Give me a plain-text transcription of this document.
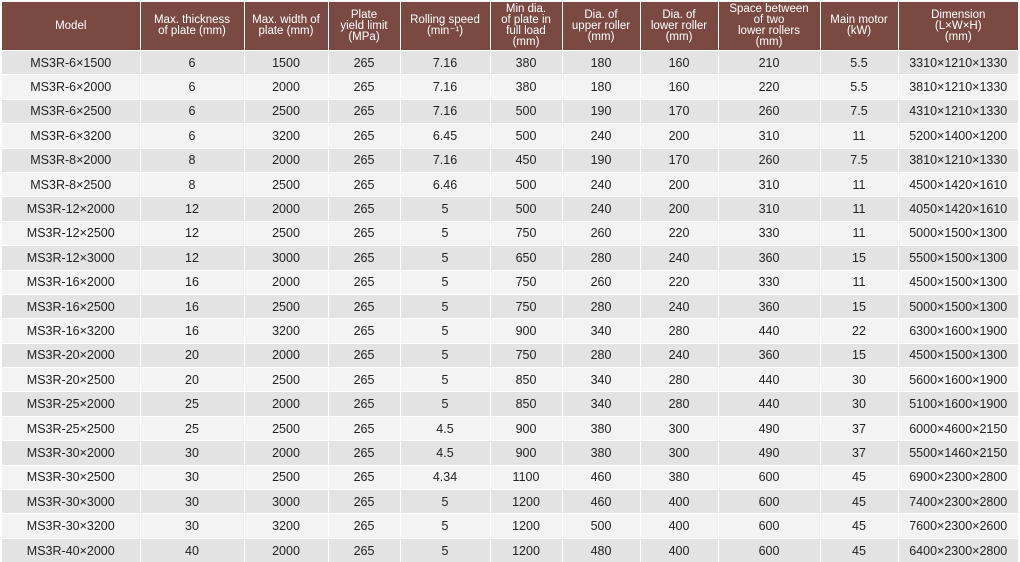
Model	Max. thickness
of plate (mm)	Max. width of
plate (mm)	Plate
yield limit
(MPa)	Rolling speed
(min⁻¹)	Min dia.
of plate in
full load
(mm)	Dia. of
upper roller
(mm)	Dia. of
lower roller
(mm)	Space between
of two
lower rollers
(mm)	Main motor
(kW)	Dimension
(L×W×H)
(mm)
MS3R-6×1500	6	1500	265	7.16	380	180	160	210	5.5	3310×1210×1330
MS3R-6×2000	6	2000	265	7.16	380	180	160	220	5.5	3810×1210×1330
MS3R-6×2500	6	2500	265	7.16	500	190	170	260	7.5	4310×1210×1330
MS3R-6×3200	6	3200	265	6.45	500	240	200	310	11	5200×1400×1200
MS3R-8×2000	8	2000	265	7.16	450	190	170	260	7.5	3810×1210×1330
MS3R-8×2500	8	2500	265	6.46	500	240	200	310	11	4500×1420×1610
MS3R-12×2000	12	2000	265	5	500	240	200	310	11	4050×1420×1610
MS3R-12×2500	12	2500	265	5	750	260	220	330	11	5000×1500×1300
MS3R-12×3000	12	3000	265	5	650	280	240	360	15	5500×1500×1300
MS3R-16×2000	16	2000	265	5	750	260	220	330	11	4500×1500×1300
MS3R-16×2500	16	2500	265	5	750	280	240	360	15	5000×1500×1300
MS3R-16×3200	16	3200	265	5	900	340	280	440	22	6300×1600×1900
MS3R-20×2000	20	2000	265	5	750	280	240	360	15	4500×1500×1300
MS3R-20×2500	20	2500	265	5	850	340	280	440	30	5600×1600×1900
MS3R-25×2000	25	2000	265	5	850	340	280	440	30	5100×1600×1900
MS3R-25×2500	25	2500	265	4.5	900	380	300	490	37	6000×4600×2150
MS3R-30×2000	30	2000	265	4.5	900	380	300	490	37	5500×1460×2150
MS3R-30×2500	30	2500	265	4.34	1100	460	380	600	45	6900×2300×2800
MS3R-30×3000	30	3000	265	5	1200	460	400	600	45	7400×2300×2800
MS3R-30×3200	30	3200	265	5	1200	500	400	600	45	7600×2300×2600
MS3R-40×2000	40	2000	265	5	1200	480	400	600	45	6400×2300×2800
